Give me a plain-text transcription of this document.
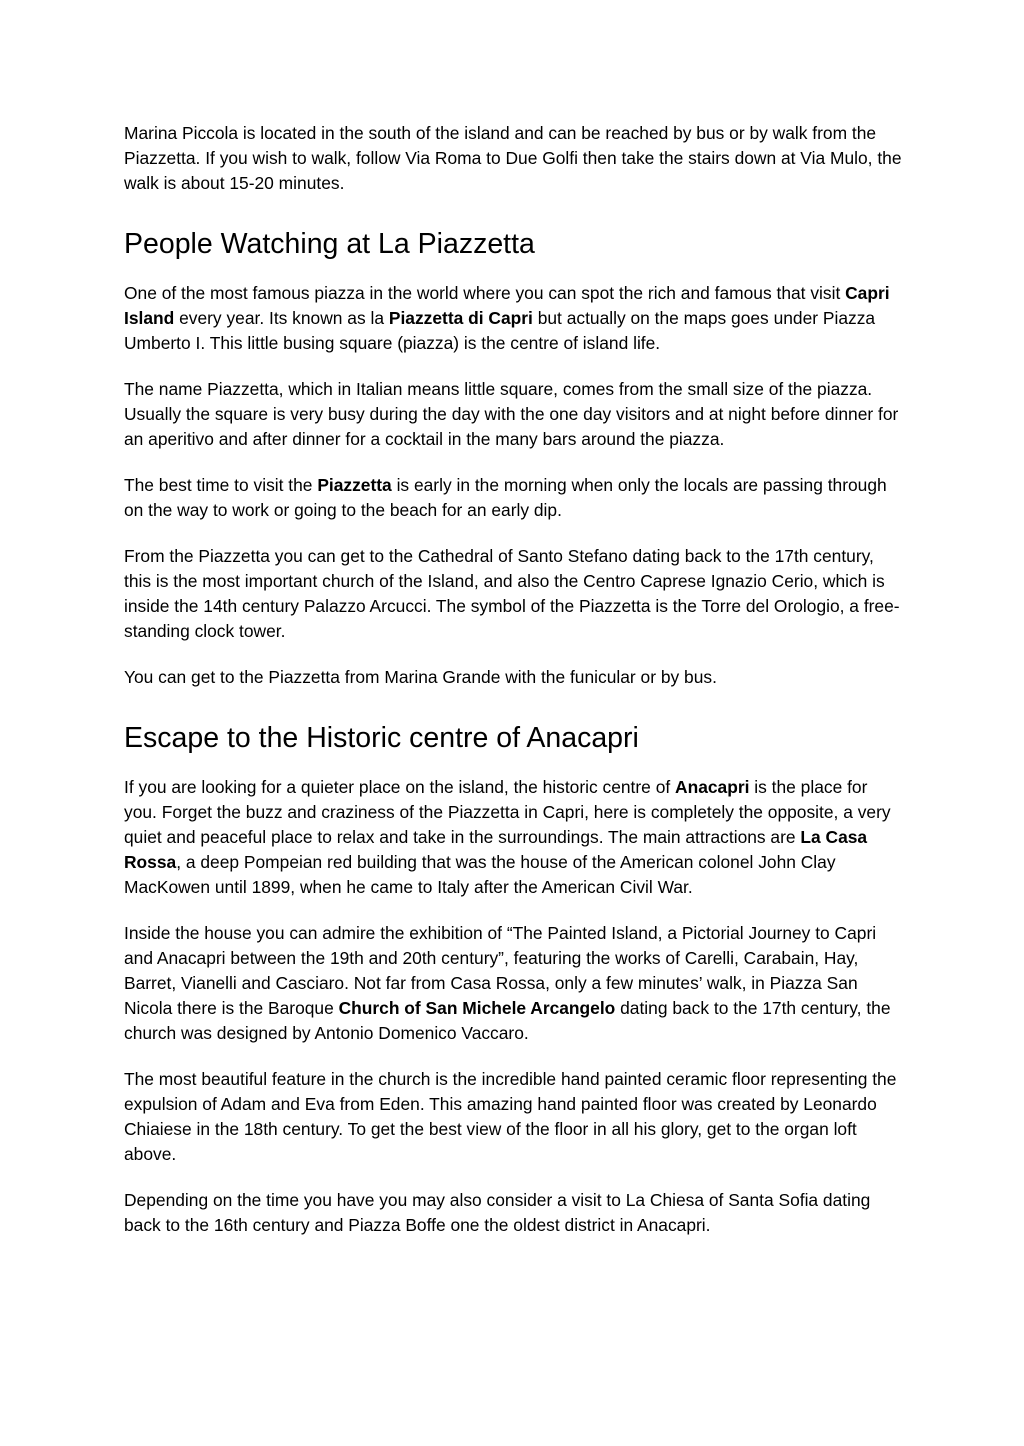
Marina Piccola is located in the south of the island and can be reached by bus or by walk from the Piazzetta. If you wish to walk, follow Via Roma to Due Golfi then take the stairs down at Via Mulo, the walk is about 15-20 minutes.

People Watching at La Piazzetta

One of the most famous piazza in the world where you can spot the rich and famous that visit Capri Island every year. Its known as la Piazzetta di Capri but actually on the maps goes under Piazza Umberto I. This little busing square (piazza) is the centre of island life.

The name Piazzetta, which in Italian means little square, comes from the small size of the piazza. Usually the square is very busy during the day with the one day visitors and at night before dinner for an aperitivo and after dinner for a cocktail in the many bars around the piazza.

The best time to visit the Piazzetta is early in the morning when only the locals are passing through on the way to work or going to the beach for an early dip.

From the Piazzetta you can get to the Cathedral of Santo Stefano dating back to the 17th century, this is the most important church of the Island, and also the Centro Caprese Ignazio Cerio, which is inside the 14th century Palazzo Arcucci. The symbol of the Piazzetta is the Torre del Orologio, a free-standing clock tower.

You can get to the Piazzetta from Marina Grande with the funicular or by bus.

Escape to the Historic centre of Anacapri

If you are looking for a quieter place on the island, the historic centre of Anacapri is the place for you. Forget the buzz and craziness of the Piazzetta in Capri, here is completely the opposite, a very quiet and peaceful place to relax and take in the surroundings. The main attractions are La Casa Rossa, a deep Pompeian red building that was the house of the American colonel John Clay MacKowen until 1899, when he came to Italy after the American Civil War.

Inside the house you can admire the exhibition of “The Painted Island, a Pictorial Journey to Capri and Anacapri between the 19th and 20th century”, featuring the works of Carelli, Carabain, Hay, Barret, Vianelli and Casciaro. Not far from Casa Rossa, only a few minutes’ walk, in Piazza San Nicola there is the Baroque Church of San Michele Arcangelo dating back to the 17th century, the church was designed by Antonio Domenico Vaccaro.

The most beautiful feature in the church is the incredible hand painted ceramic floor representing the expulsion of Adam and Eva from Eden. This amazing hand painted floor was created by Leonardo Chiaiese in the 18th century. To get the best view of the floor in all his glory, get to the organ loft above.

Depending on the time you have you may also consider a visit to La Chiesa of Santa Sofia dating back to the 16th century and Piazza Boffe one the oldest district in Anacapri.
